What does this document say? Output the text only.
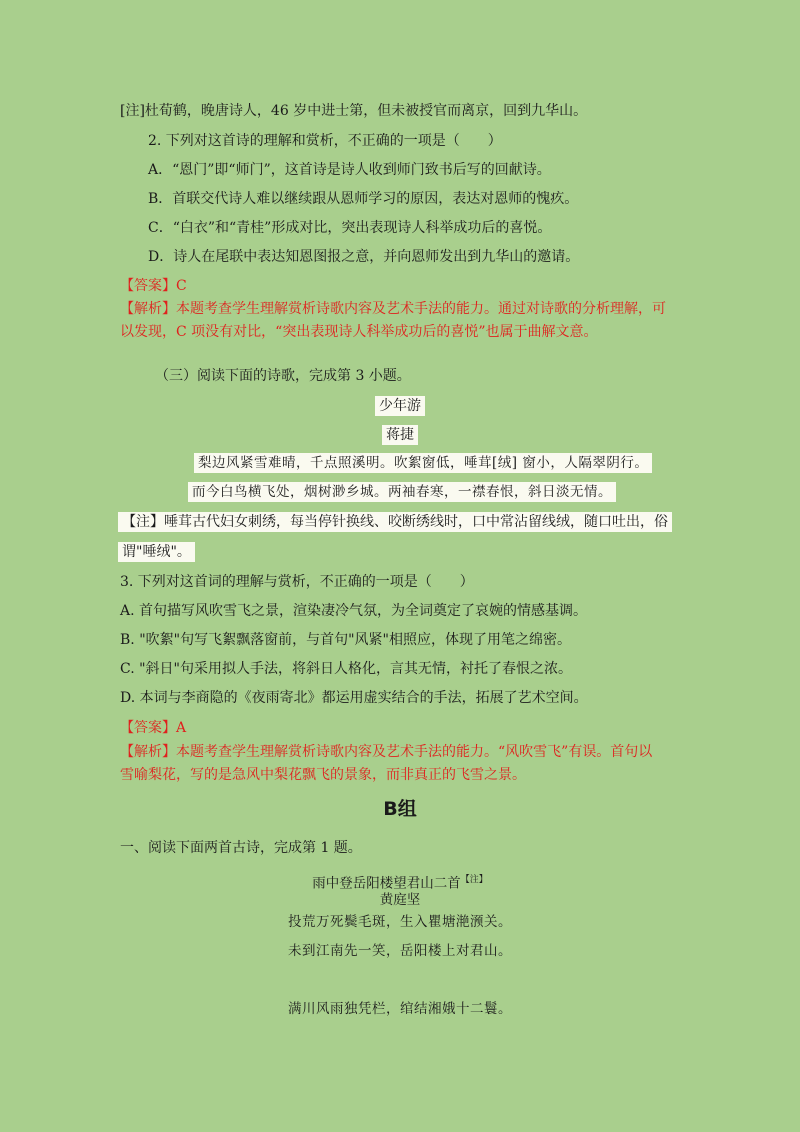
[注]杜荀鹤，晚唐诗人，46 岁中进士第，但未被授官而离京，回到九华山。
2. 下列对这首诗的理解和赏析，不正确的一项是（　　）
A．“恩门”即“师门”，这首诗是诗人收到师门致书后写的回献诗。
B．首联交代诗人难以继续跟从恩师学习的原因，表达对恩师的愧疚。
C．“白衣”和“青桂”形成对比，突出表现诗人科举成功后的喜悦。
D．诗人在尾联中表达知恩图报之意，并向恩师发出到九华山的邀请。
【答案】C
【解析】本题考查学生理解赏析诗歌内容及艺术手法的能力。通过对诗歌的分析理解，可
以发现，C 项没有对比，“突出表现诗人科举成功后的喜悦”也属于曲解文意。
（三）阅读下面的诗歌，完成第 3 小题。
少年游
蒋捷
梨边风紧雪难晴，千点照溪明。吹絮窗低，唾茸[绒] 窗小，人隔翠阴行。
而今白鸟横飞处，烟树渺乡城。两袖春寒，一襟春恨，斜日淡无情。
【注】唾茸古代妇女刺绣，每当停针换线、咬断绣线时，口中常沾留线绒，随口吐出，俗
谓"唾绒"。
3. 下列对这首词的理解与赏析，不正确的一项是（　　）
A. 首句描写风吹雪飞之景，渲染凄冷气氛，为全词奠定了哀婉的情感基调。
B. "吹絮"句写飞絮飘落窗前，与首句"风紧"相照应，体现了用笔之绵密。
C. "斜日"句采用拟人手法，将斜日人格化，言其无情，衬托了春恨之浓。
D. 本词与李商隐的《夜雨寄北》都运用虚实结合的手法，拓展了艺术空间。
【答案】A
【解析】本题考查学生理解赏析诗歌内容及艺术手法的能力。“风吹雪飞”有误。首句以
雪喻梨花，写的是急风中梨花飘飞的景象，而非真正的飞雪之景。
B组
一、阅读下面两首古诗，完成第 1 题。
雨中登岳阳楼望君山二首$^{【注】}$
黄庭坚
投荒万死鬓毛斑，生入瞿塘滟滪关。
未到江南先一笑，岳阳楼上对君山。
满川风雨独凭栏，绾结湘娥十二鬟。
